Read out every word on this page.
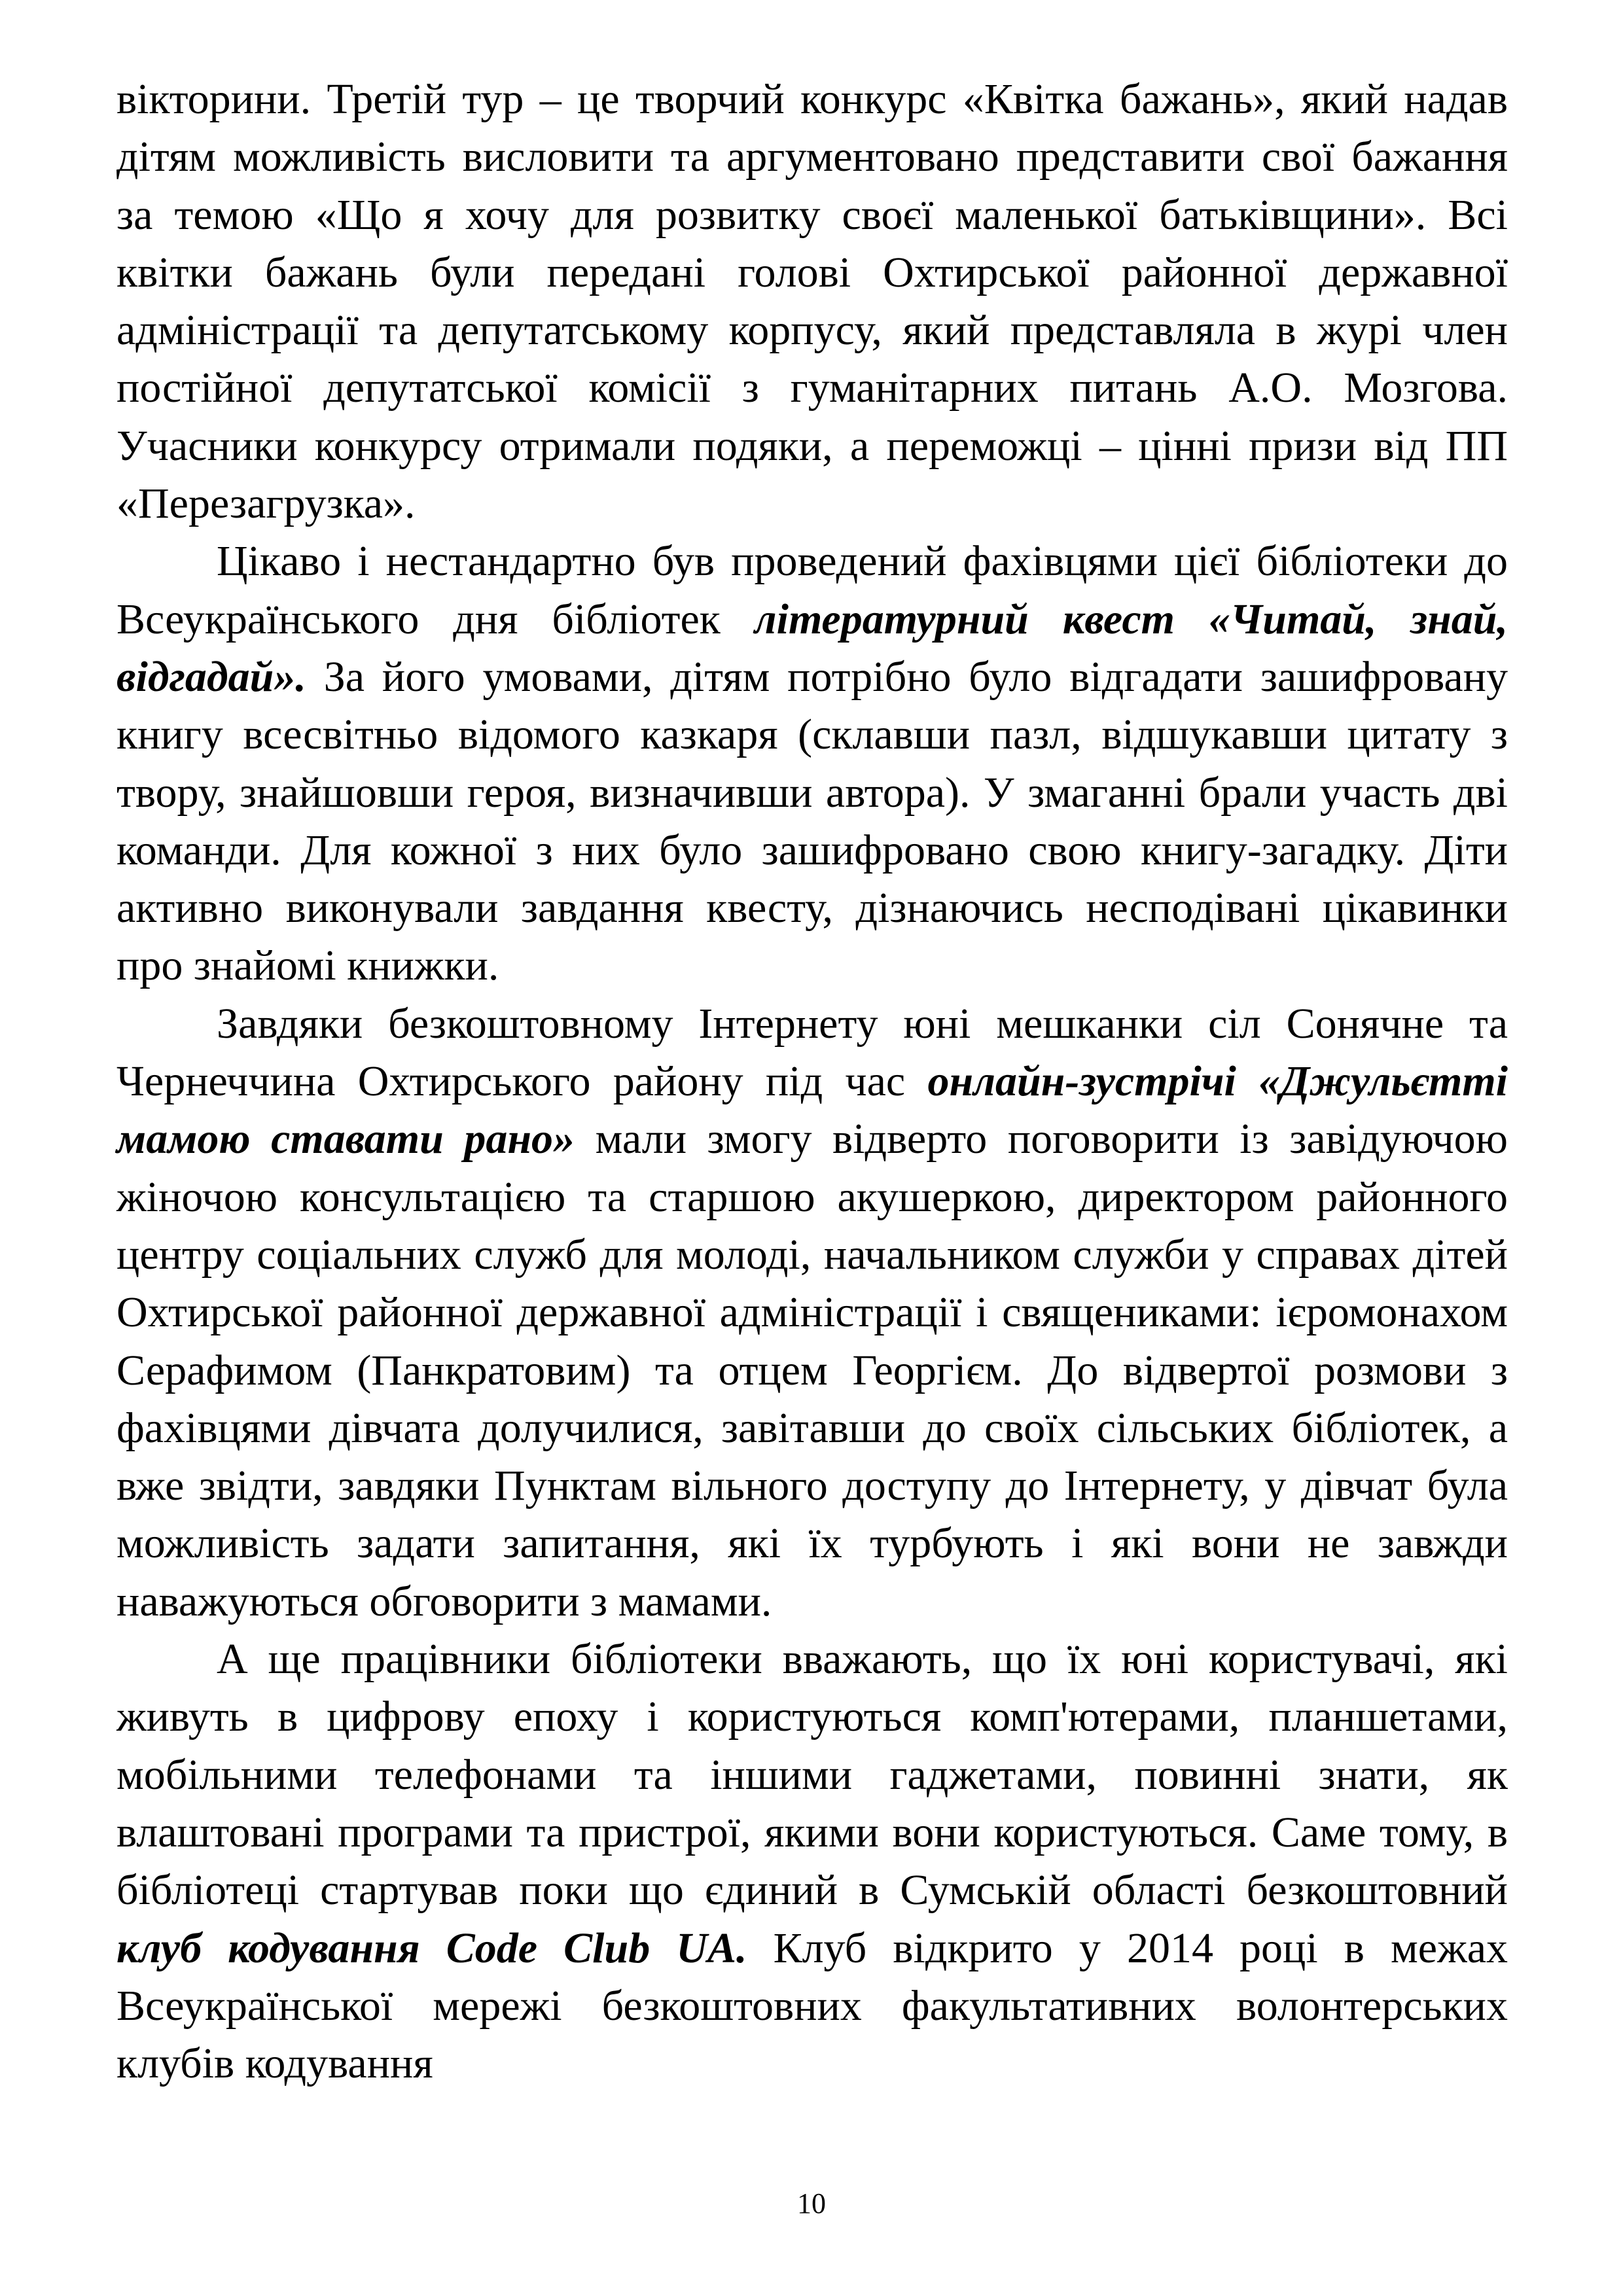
вікторини. Третій тур – це творчий конкурс «Квітка бажань», який надав дітям можливість висловити та аргументовано представити свої бажання за темою «Що я хочу для розвитку своєї маленької батьківщини». Всі квітки бажань були передані голові Охтирської районної державної адміністрації та депутатському корпусу, який представляла в журі член постійної депутатської комісії з гуманітарних питань А.О. Мозгова. Учасники конкурсу отримали подяки, а переможці – цінні призи від ПП «Перезагрузка».

Цікаво і нестандартно був проведений фахівцями цієї бібліотеки до Всеукраїнського дня бібліотек літературний квест «Читай, знай, відгадай». За його умовами, дітям потрібно було відгадати зашифровану книгу всесвітньо відомого казкаря (склавши пазл, відшукавши цитату з твору, знайшовши героя, визначивши автора). У змаганні брали участь дві команди. Для кожної з них було зашифровано свою книгу-загадку. Діти активно виконували завдання квесту, дізнаючись несподівані цікавинки про знайомі книжки.

Завдяки безкоштовному Інтернету юні мешканки сіл Сонячне та Чернеччина Охтирського району під час онлайн-зустрічі «Джульєтті мамою ставати рано» мали змогу відверто поговорити із завідуючою жіночою консультацією та старшою акушеркою, директором районного центру соціальних служб для молоді, начальником служби у справах дітей Охтирської районної державної адміністрації і священиками: ієромонахом Серафимом (Панкратовим) та отцем Георгієм. До відвертої розмови з фахівцями дівчата долучилися, завітавши до своїх сільських бібліотек, а вже звідти, завдяки Пунктам вільного доступу до Інтернету, у дівчат була можливість задати запитання, які їх турбують і які вони не завжди наважуються обговорити з мамами.

А ще працівники бібліотеки вважають, що їх юні користувачі, які живуть в цифрову епоху і користуються комп'ютерами, планшетами, мобільними телефонами та іншими гаджетами, повинні знати, як влаштовані програми та пристрої, якими вони користуються. Саме тому, в бібліотеці стартував поки що єдиний в Сумській області безкоштовний клуб кодування Code Club UA. Клуб відкрито у 2014 році в межах Всеукраїнської мережі безкоштовних факультативних волонтерських клубів кодування

10
